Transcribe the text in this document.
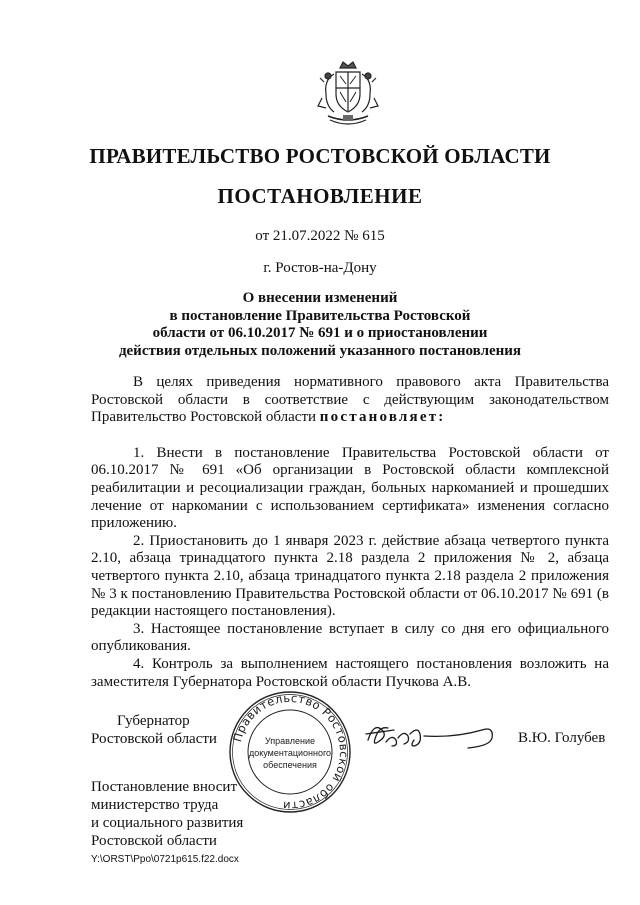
ПРАВИТЕЛЬСТВО РОСТОВСКОЙ ОБЛАСТИ
ПОСТАНОВЛЕНИЕ
от 21.07.2022 № 615
г. Ростов-на-Дону
О внесении изменений
в постановление Правительства Ростовской
области от 06.10.2017 № 691 и о приостановлении
действия отдельных положений указанного постановления

В целях приведения нормативного правового акта Правительства Ростовской области в соответствие с действующим законодательством Правительство Ростовской области постановляет:

1. Внести в постановление Правительства Ростовской области от 06.10.2017 № 691 «Об организации в Ростовской области комплексной реабилитации и ресоциализации граждан, больных наркоманией и прошедших лечение от наркомании с использованием сертификата» изменения согласно приложению.

2. Приостановить до 1 января 2023 г. действие абзаца четвертого пункта 2.10, абзаца тринадцатого пункта 2.18 раздела 2 приложения № 2, абзаца четвертого пункта 2.10, абзаца тринадцатого пункта 2.18 раздела 2 приложения № 3 к постановлению Правительства Ростовской области от 06.10.2017 № 691 (в редакции настоящего постановления).

3. Настоящее постановление вступает в силу со дня его официального опубликования.

4. Контроль за выполнением настоящего постановления возложить на заместителя Губернатора Ростовской области Пучкова А.В.

Губернатор
Ростовской области Правительство Ростовской области
Управление
документационного
обеспечения
В.Ю. Голубев
Постановление вносит
министерство труда
и социального развития
Ростовской области
Y:\ORST\Ppo\0721p615.f22.docx
